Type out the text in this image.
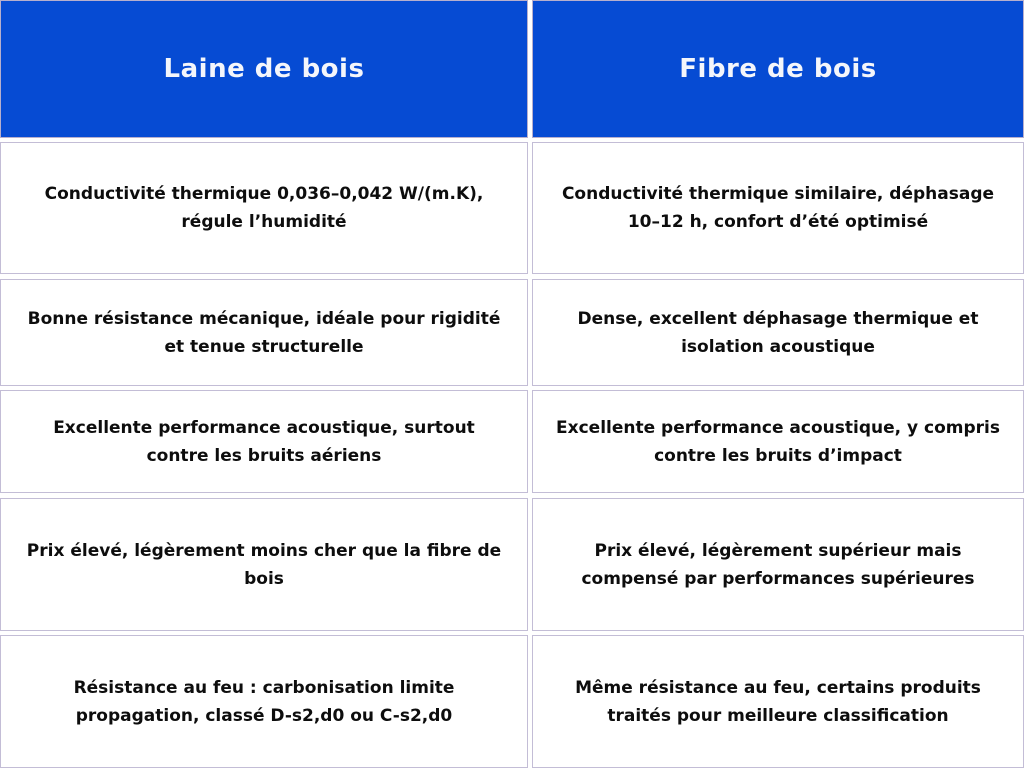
Laine de bois	Fibre de bois
Conductivité thermique 0,036–0,042 W/(m.K), régule l’humidité
Conductivité thermique similaire, déphasage 10–12 h, confort d’été optimisé
Bonne résistance mécanique, idéale pour rigidité et tenue structurelle
Dense, excellent déphasage thermique et isolation acoustique
Excellente performance acoustique, surtout contre les bruits aériens
Excellente performance acoustique, y compris contre les bruits d’impact
Prix élevé, légèrement moins cher que la fibre de bois
Prix élevé, légèrement supérieur mais compensé par performances supérieures
Résistance au feu : carbonisation limite propagation, classé D-s2,d0 ou C-s2,d0
Même résistance au feu, certains produits traités pour meilleure classification
